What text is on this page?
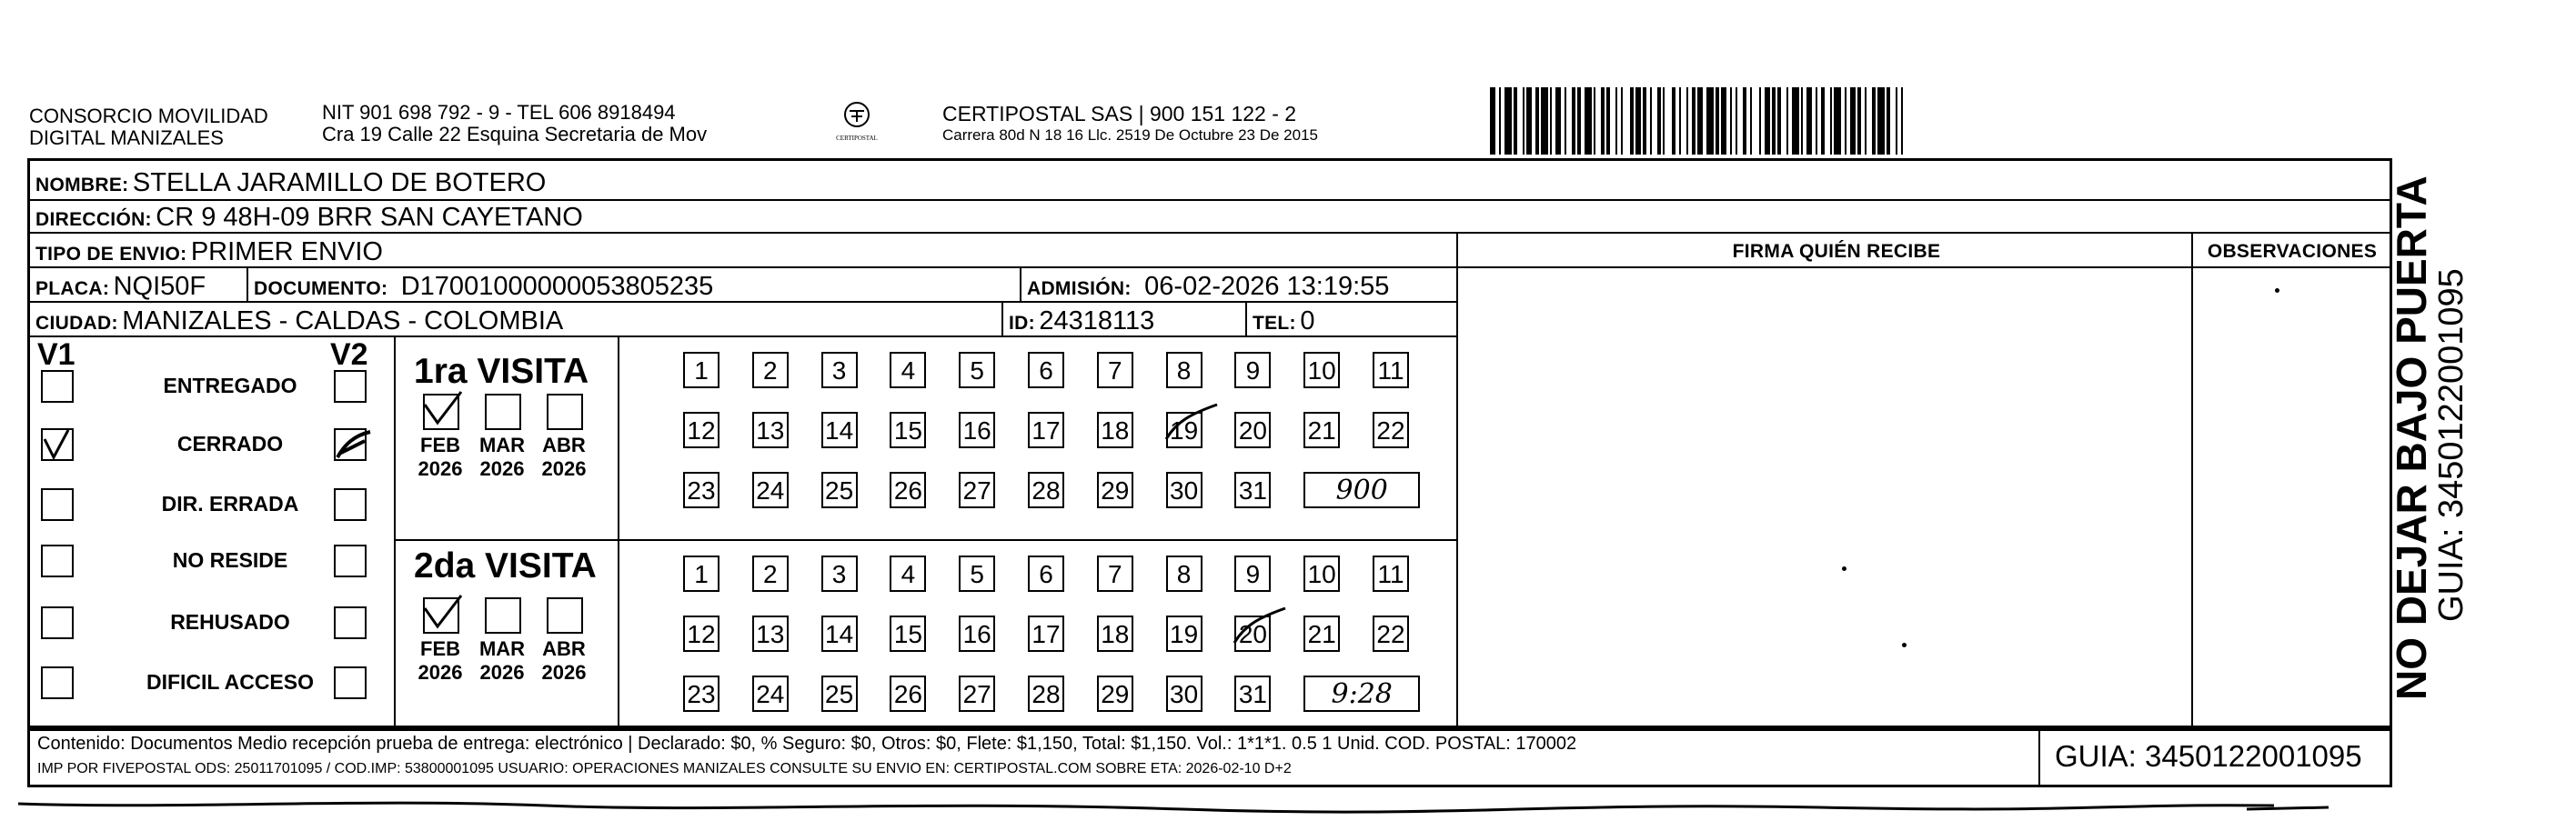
CONSORCIO MOVILIDAD
DIGITAL MANIZALES
NIT 901 698 792 - 9 - TEL 606 8918494
Cra 19 Calle 22 Esquina Secretaria de Mov	CERTIPOSTAL
CERTIPOSTAL SAS | 900 151 122 - 2
Carrera 80d N 18 16 Llc. 2519 De Octubre 23 De 2015
NOMBRE: STELLA JARAMILLO DE BOTERO
DIRECCIÓN: CR 9 48H-09 BRR SAN CAYETANO
TIPO DE ENVIO: PRIMER ENVIO	FIRMA QUIÉN RECIBE	OBSERVACIONES
PLACA: NQI50F	DOCUMENTO: D17001000000053805235	ADMISIÓN: 06-02-2026 13:19:55
CIUDAD: MANIZALES - CALDAS - COLOMBIA	ID: 24318113	TEL: 0
V1	V2
ENTREGADO
CERRADO
DIR. ERRADA
NO RESIDE
REHUSADO
DIFICIL ACCESO
1ra VISITA
2da VISITA
FEB
2026
MAR
2026
ABR
2026
1	2	3	4	5	6	7	8	9	10 11
12 13 14 15 16 17 18 19 20 21 22
23 24 25 26 27 28 29 30 31	900
FEB
2026
MAR
2026
ABR
2026
1	2	3	4	5	6	7	8	9	10 11
12 13 14 15 16 17 18 19 20 21 22
23 24 25 26 27 28 29 30 31	9:28
Contenido: Documentos Medio recepción prueba de entrega: electrónico | Declarado: $0, % Seguro: $0, Otros: $0, Flete: $1,150, Total: $1,150. Vol.: 1*1*1. 0.5 1 Unid. COD. POSTAL: 170002
IMP POR FIVEPOSTAL ODS: 25011701095 / COD.IMP: 53800001095 USUARIO: OPERACIONES MANIZALES CONSULTE SU ENVIO EN: CERTIPOSTAL.COM SOBRE ETA: 2026-02-10 D+2	GUIA: 3450122001095
NO DEJAR BAJO PUERTA
GUIA: 3450122001095
